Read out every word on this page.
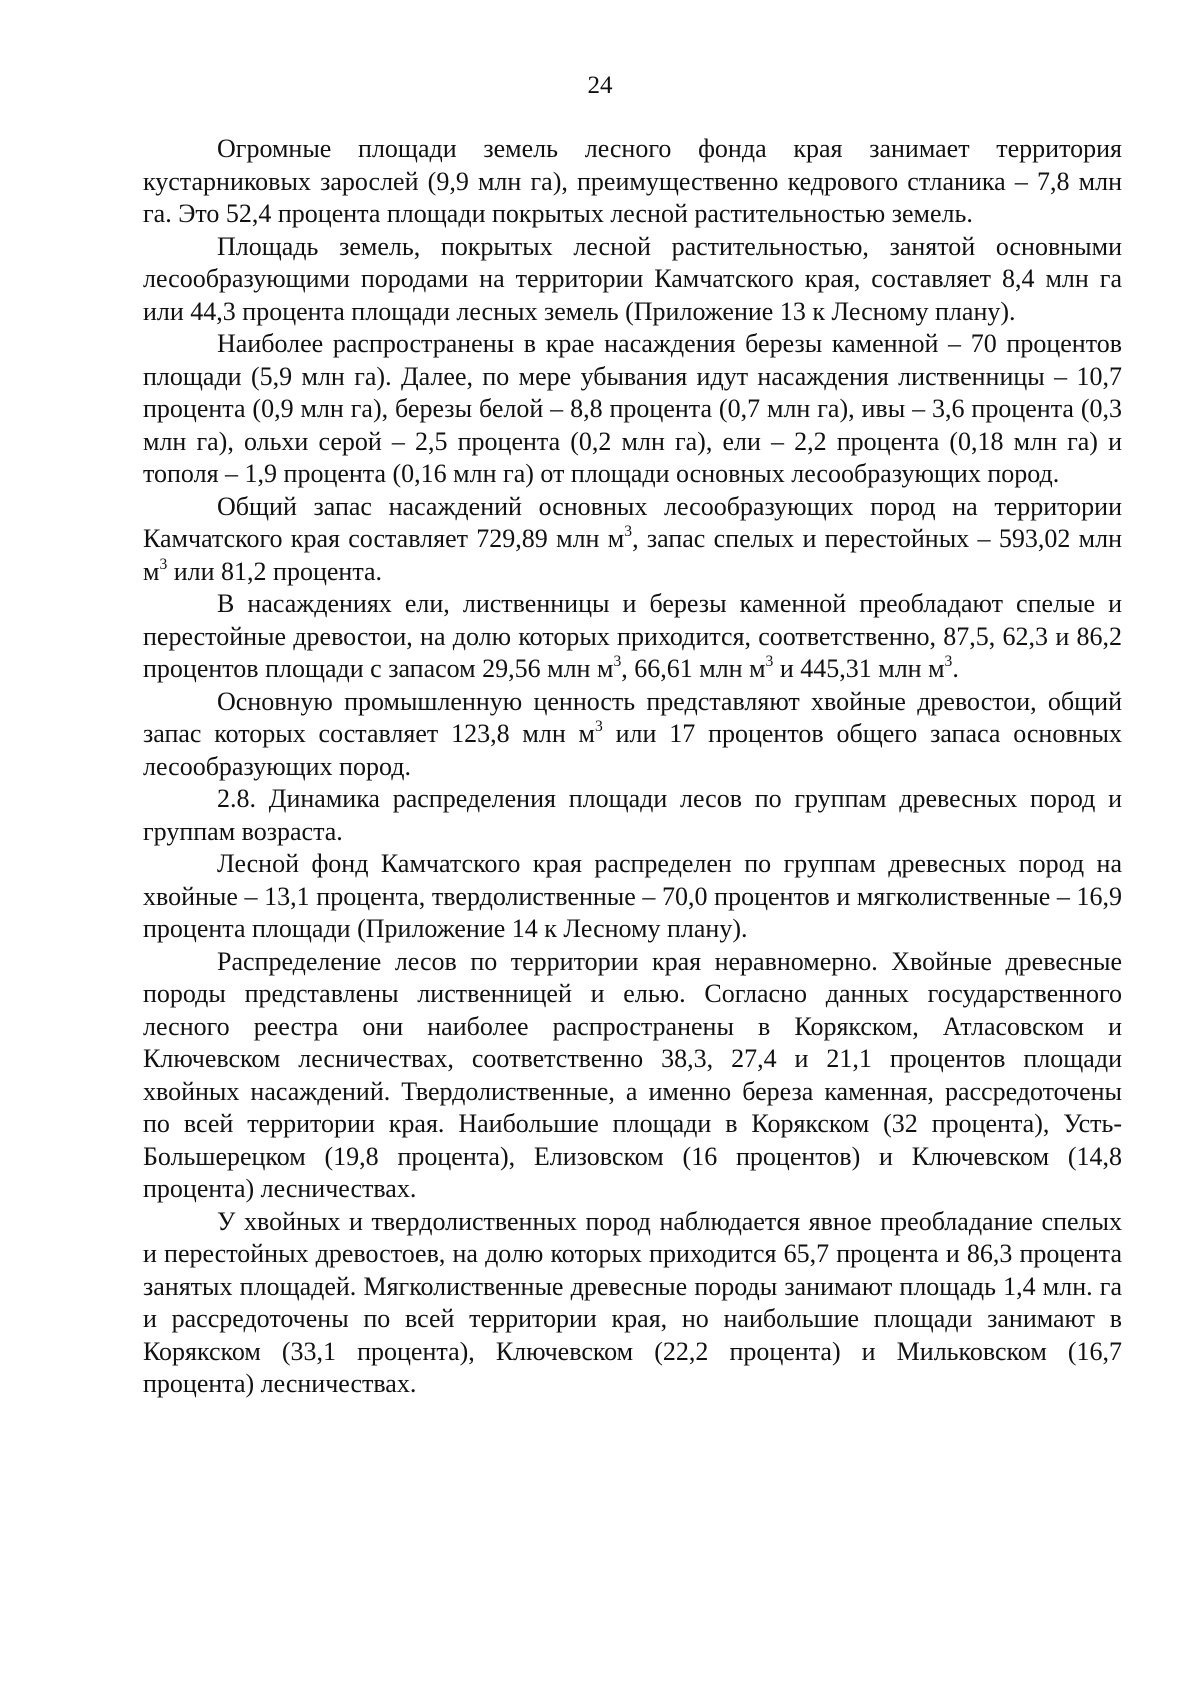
24

Огромные площади земель лесного фонда края занимает территория кустарниковых зарослей (9,9 млн га), преимущественно кедрового стланика – 7,8 млн га. Это 52,4 процента площади покрытых лесной растительностью земель.

Площадь земель, покрытых лесной растительностью, занятой основными лесообразующими породами на территории Камчатского края, составляет 8,4 млн га или 44,3 процента площади лесных земель (Приложение 13 к Лесному плану).

Наиболее распространены в крае насаждения березы каменной – 70 процентов площади (5,9 млн га). Далее, по мере убывания идут насаждения лиственницы – 10,7 процента (0,9 млн га), березы белой – 8,8 процента (0,7 млн га), ивы – 3,6 процента (0,3 млн га), ольхи серой – 2,5 процента (0,2 млн га), ели – 2,2 процента (0,18 млн га) и тополя – 1,9 процента (0,16 млн га) от площади основных лесообразующих пород.

Общий запас насаждений основных лесообразующих пород на территории Камчатского края составляет 729,89 млн $м^3$, запас спелых и перестойных – 593,02 млн $м^3$ или 81,2 процента.

В насаждениях ели, лиственницы и березы каменной преобладают спелые и перестойные древостои, на долю которых приходится, соответственно, 87,5, 62,3 и 86,2 процентов площади с запасом 29,56 млн $м^3$, 66,61 млн $м^3$ и 445,31 млн $м^3$.

Основную промышленную ценность представляют хвойные древостои, общий запас которых составляет 123,8 млн $м^3$ или 17 процентов общего запаса основных лесообразующих пород.

2.8. Динамика распределения площади лесов по группам древесных пород и группам возраста.

Лесной фонд Камчатского края распределен по группам древесных пород на хвойные – 13,1 процента, твердолиственные – 70,0 процентов и мягколиственные – 16,9 процента площади (Приложение 14 к Лесному плану).

Распределение лесов по территории края неравномерно. Хвойные древесные породы представлены лиственницей и елью. Согласно данных государственного лесного реестра они наиболее распространены в Корякском, Атласовском и Ключевском лесничествах, соответственно 38,3, 27,4 и 21,1 процентов площади хвойных насаждений. Твердолиственные, а именно береза каменная, рассредоточены по всей территории края. Наибольшие площади в Корякском (32 процента), Усть-Большерецком (19,8 процента), Елизовском (16 процентов) и Ключевском (14,8 процента) лесничествах.

У хвойных и твердолиственных пород наблюдается явное преобладание спелых и перестойных древостоев, на долю которых приходится 65,7 процента и 86,3 процента занятых площадей. Мягколиственные древесные породы занимают площадь 1,4 млн. га и рассредоточены по всей территории края, но наибольшие площади занимают в Корякском (33,1 процента), Ключевском (22,2 процента) и Мильковском (16,7 процента) лесничествах.
